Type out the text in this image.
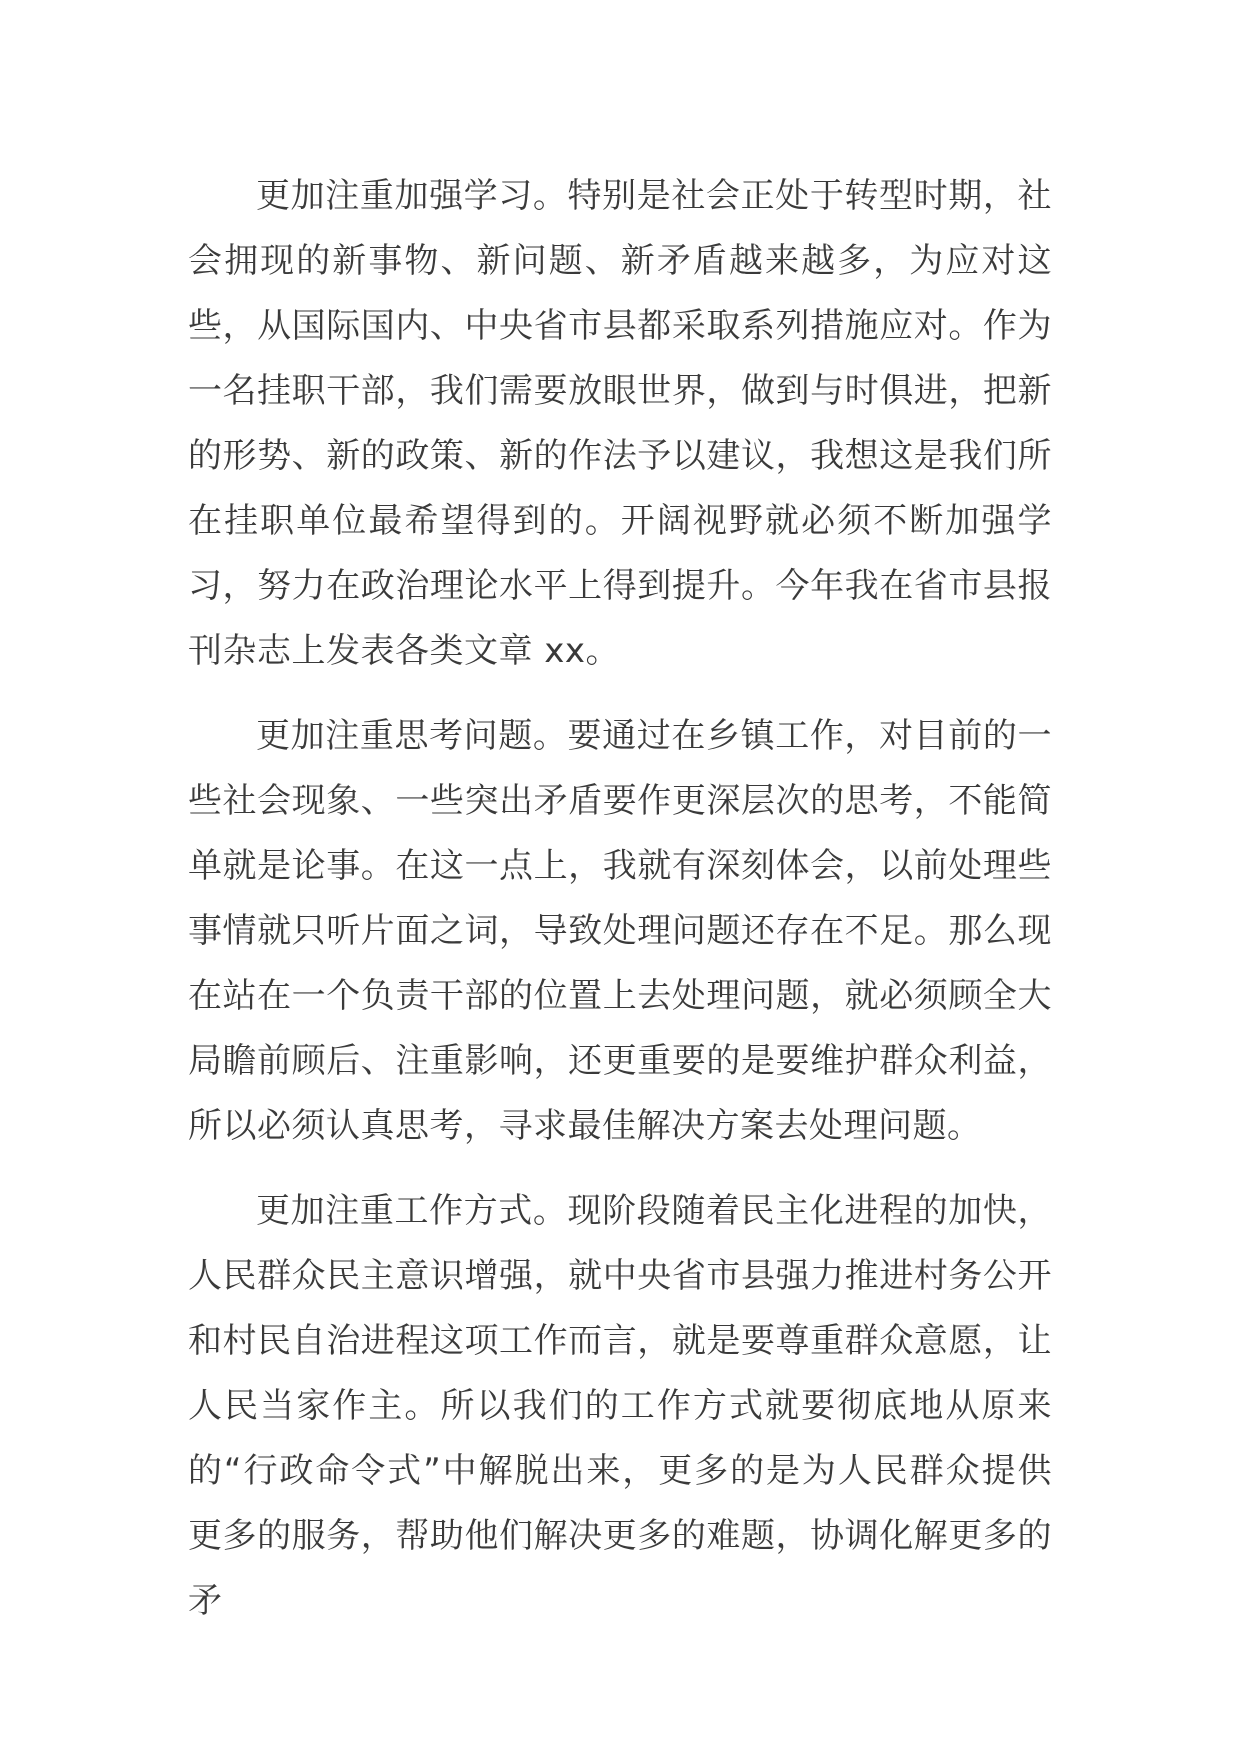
更加注重加强学习。特别是社会正处于转型时期，社会拥现的新事物、新问题、新矛盾越来越多，为应对这些，从国际国内、中央省市县都采取系列措施应对。作为一名挂职干部，我们需要放眼世界，做到与时俱进，把新的形势、新的政策、新的作法予以建议，我想这是我们所在挂职单位最希望得到的。开阔视野就必须不断加强学习，努力在政治理论水平上得到提升。今年我在省市县报刊杂志上发表各类文章 xx。

更加注重思考问题。要通过在乡镇工作，对目前的一些社会现象、一些突出矛盾要作更深层次的思考，不能简单就是论事。在这一点上，我就有深刻体会，以前处理些事情就只听片面之词，导致处理问题还存在不足。那么现在站在一个负责干部的位置上去处理问题，就必须顾全大局瞻前顾后、注重影响，还更重要的是要维护群众利益，所以必须认真思考，寻求最佳解决方案去处理问题。

更加注重工作方式。现阶段随着民主化进程的加快，人民群众民主意识增强，就中央省市县强力推进村务公开和村民自治进程这项工作而言，就是要尊重群众意愿，让人民当家作主。所以我们的工作方式就要彻底地从原来的“行政命令式”中解脱出来，更多的是为人民群众提供更多的服务，帮助他们解决更多的难题，协调化解更多的矛
